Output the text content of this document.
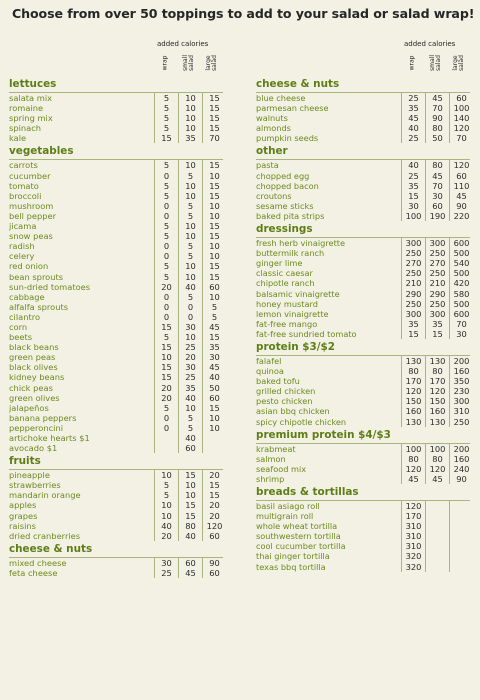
Choose from over 50 toppings to add to your salad or salad wrap!
added calories
wrap small
salad large
salad
lettuces
salata mix	5	10	15
romaine	5	10	15
spring mix	5	10	15
spinach	5	10	15
kale	15	35	70
vegetables
carrots	5	10	15
cucumber	0	5	10
tomato	5	10	15
broccoli	5	10	15
mushroom	0	5	10
bell pepper	0	5	10
jicama	5	10	15
snow peas	5	10	15
radish	0	5	10
celery	0	5	10
red onion	5	10	15
bean sprouts	5	10	15
sun-dried tomatoes	20	40	60
cabbage	0	5	10
alfalfa sprouts	0	0	5
cilantro	0	0	5
corn	15	30	45
beets	5	10	15
black beans	15	25	35
green peas	10	20	30
black olives	15	30	45
kidney beans	15	25	40
chick peas	20	35	50
green olives	20	40	60
jalapeños	5	10	15
banana peppers	0	5	10
pepperoncini	0	5	10
artichoke hearts $1		40	
avocado $1		60	
fruits
pineapple	10	15	20
strawberries	5	10	15
mandarin orange	5	10	15
apples	10	15	20
grapes	10	15	20
raisins	40	80	120
dried cranberries	20	40	60
cheese & nuts
mixed cheese	30	60	90
feta cheese	25	45	60
added calories
wrap small
salad large
salad
cheese & nuts
blue cheese	25	45	60
parmesan cheese	35	70	100
walnuts	45	90	140
almonds	40	80	120
pumpkin seeds	25	50	70
other
pasta	40	80	120
chopped egg	25	45	60
chopped bacon	35	70	110
croutons	15	30	45
sesame sticks	30	60	90
baked pita strips	100	190	220
dressings
fresh herb vinaigrette	300	300	600
buttermilk ranch	250	250	500
ginger lime	270	270	540
classic caesar	250	250	500
chipotle ranch	210	210	420
balsamic vinaigrette	290	290	580
honey mustard	250	250	500
lemon vinaigrette	300	300	600
fat-free mango	35	35	70
fat-free sundried tomato	15	15	30
protein $3/$2
falafel	130	130	200
quinoa	80	80	160
baked tofu	170	170	350
grilled chicken	120	120	230
pesto chicken	150	150	300
asian bbq chicken	160	160	310
spicy chipotle chicken	130	130	250
premium protein $4/$3
krabmeat	100	100	200
salmon	80	80	160
seafood mix	120	120	240
shrimp	45	45	90
breads & tortillas
basil asiago roll	120		
multigrain roll	170		
whole wheat tortilla	310		
southwestern tortilla	310		
cool cucumber tortilla	310		
thai ginger tortilla	320		
texas bbq tortilla	320		
